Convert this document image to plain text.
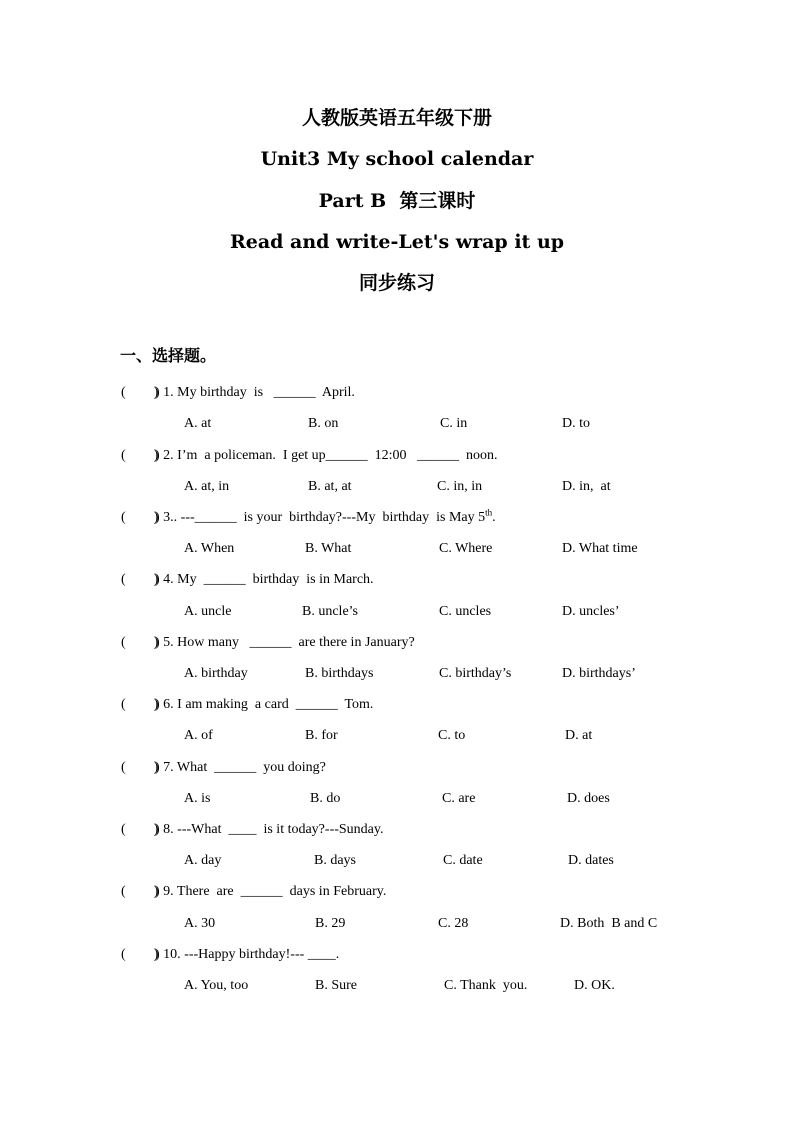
人教版英语五年级下册
Unit3 My school calendar
Part B  第三课时
Read and write-Let's wrap it up
同步练习
一、选择题。
(        )
) 1. My birthday  is   ______  April.
A. at	B. on	C. in	D. to
(        )
) 2. I’m  a policeman.  I get up______  12:00   ______  noon.
A. at, in	B. at, at	C. in, in	D. in,  at
(        )
) 3.. ---______  is your  birthday?---My  birthday  is May 5th.
A. When	B. What	C. Where	D. What time
(        )
) 4. My  ______  birthday  is in March.
A. uncle	B. uncle’s	C. uncles	D. uncles’
(        )
) 5. How many   ______  are there in January?
A. birthday	B. birthdays	C. birthday’s	D. birthdays’
(        )
) 6. I am making  a card  ______  Tom.
A. of	B. for	C. to	D. at
(        )
) 7. What  ______  you doing?
A. is	B. do	C. are	D. does
(        )
) 8. ---What  ____  is it today?---Sunday.
A. day	B. days	C. date	D. dates
(        )
) 9. There  are  ______  days in February.
A. 30	B. 29	C. 28	D. Both  B and C
(        )
) 10. ---Happy birthday!--- ____.
A. You, too	B. Sure	C. Thank  you.	D. OK.
